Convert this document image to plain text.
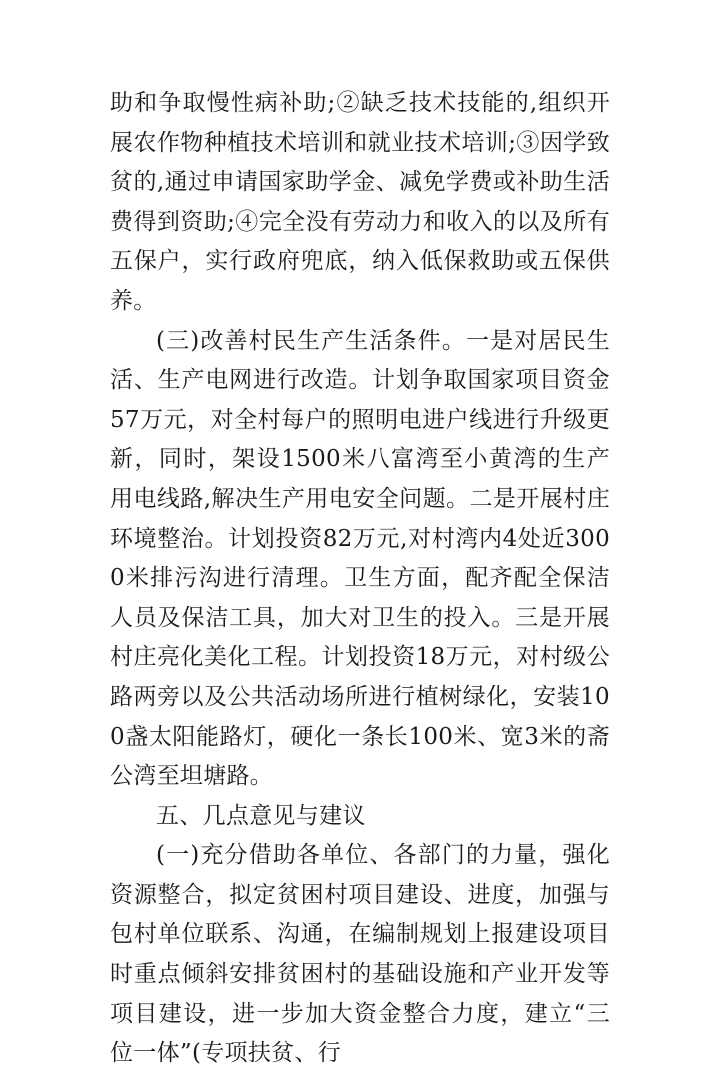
助和争取慢性病补助;②缺乏技术技能的,组织开展农作物种植技术培训和就业技术培训;③因学致贫的,通过申请国家助学金、减免学费或补助生活费得到资助;④完全没有劳动力和收入的以及所有五保户，实行政府兜底，纳入低保救助或五保供养。

(三)改善村民生产生活条件。一是对居民生活、生产电网进行改造。计划争取国家项目资金57万元，对全村每户的照明电进户线进行升级更新，同时，架设1500米八富湾至小黄湾的生产用电线路,解决生产用电安全问题。二是开展村庄环境整治。计划投资82万元,对村湾内4处近3000米排污沟进行清理。卫生方面，配齐配全保洁人员及保洁工具，加大对卫生的投入。三是开展村庄亮化美化工程。计划投资18万元，对村级公路两旁以及公共活动场所进行植树绿化，安装100盏太阳能路灯，硬化一条长100米、宽3米的斋公湾至坦塘路。

五、几点意见与建议

(一)充分借助各单位、各部门的力量，强化资源整合，拟定贫困村项目建设、进度，加强与包村单位联系、沟通，在编制规划上报建设项目时重点倾斜安排贫困村的基础设施和产业开发等项目建设，进一步加大资金整合力度，建立“三位一体”(专项扶贫、行
